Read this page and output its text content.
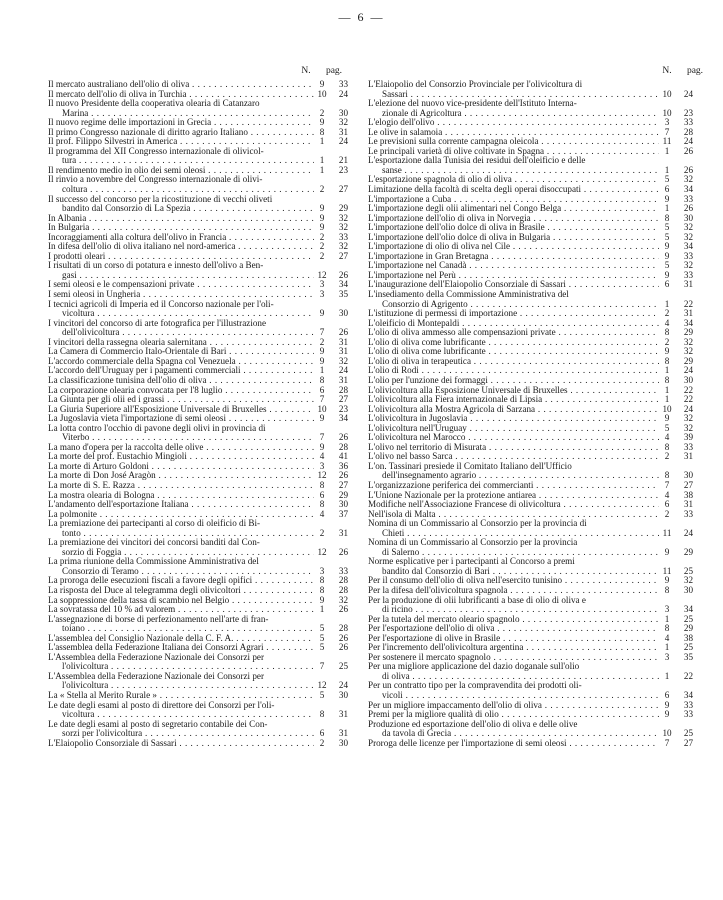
— 6 —
N.	pag.
Il mercato australiano dell'olio di oliva . . .	9	33
Il mercato dell'olio di oliva in Turchia . . .	10	24
Il nuovo Presidente della cooperativa olearia di Catanzaro
Marina . . .	2	30
Il nuovo regime delle importazioni in Grecia . . .	9	32
Il primo Congresso nazionale di diritto agrario Italiano . . .	8	31
Il prof. Filippo Silvestri in America . . .	1	24
Il programma del XII Congresso internazionale di olivicol-
tura . . .	1	21
Il rendimento medio in olio dei semi oleosi . . .	1	23
Il rinvio a novembre del Congresso internazionale di olivi-
coltura . . .	2	27
Il successo del concorso per la ricostituzione di vecchi oliveti
bandito dal Consorzio di La Spezia . . .	9	29
In Albania . . .	9	32
In Bulgaria . . .	9	32
Incoraggiamenti alla coltura dell'olivo in Francia . . .	2	33
In difesa dell'olio di oliva italiano nel nord-america . . .	2	32
I prodotti oleari . . .	2	27
I risultati di un corso di potatura e innesto dell'olivo a Ben-
gasi . . .	12	26
I semi oleosi e le compensazioni private . . .	3	34
I semi oleosi in Ungheria . . .	3	35
I tecnici agricoli di Imperia ed il Concorso nazionale per l'oli-
vicoltura . . .	9	30
I vincitori del concorso di arte fotografica per l'illustrazione
dell'olivicoltura . . .	7	26
I vincitori della rassegna olearia salernitana . . .	2	31
La Camera di Commercio Italo-Orientale di Bari . . .	9	31
L'accordo commerciale della Spagna col Venezuela . . .	9	32
L'accordo dell'Uruguay per i pagamenti commerciali . . .	1	24
La classificazione tunisina dell'olio di oliva . . .	8	31
La corporazione olearia convocata per l'8 luglio . . .	6	28
La Giunta per gli olii ed i grassi . . .	7	27
La Giuria Superiore all'Esposizione Universale di Bruxelles . . .	10	23
La Jugoslavia vieta l'importazione di semi oleosi . . .	9	34
La lotta contro l'occhio di pavone degli olivi in provincia di
Viterbo . . .	7	26
La mano d'opera per la raccolta delle olive . . .	9	28
La morte del prof. Eustachio Mingioli . . .	4	41
La morte di Arturo Goldoni . . .	3	36
La morte di Don José Aragòn . . .	12	26
La morte di S. E. Razza . . .	8	27
La mostra olearia di Bologna . . .	6	29
L'andamento dell'esportazione Italiana . . .	8	30
La polmonite . . .	4	37
La premiazione dei partecipanti al corso di oleificio di Bi-
tonto . . .	2	31
La premiazione dei vincitori dei concorsi banditi dal Con-
sorzio di Foggia . . .	12	26
La prima riunione della Commissione Amministrativa del
Consorzio di Teramo . . .	3	33
La proroga delle esecuzioni fiscali a favore degli opifici . . .	8	28
La risposta del Duce al telegramma degli olivicoltori . . .	8	28
La soppressione della tassa di scambio nel Belgio . . .	9	32
La sovratassa del 10 % ad valorem . . .	1	26
L'assegnazione di borse di perfezionamento nell'arte di fran-
toiano . . .	5	28
L'assemblea del Consiglio Nazionale della C. F. A. . . .	5	26
L'assemblea della Federazione Italiana dei Consorzi Agrari . . .	5	26
L'Assemblea della Federazione Nazionale dei Consorzi per
l'olivicoltura . . .	7	25
L'Assemblea della Federazione Nazionale dei Consorzi per
l'olivicoltura . . .	12	24
La « Stella al Merito Rurale » . . .	5	30
Le date degli esami al posto di direttore dei Consorzi per l'oli-
vicoltura . . .	8	31
Le date degli esami al posto di segretario contabile dei Con-
sorzi per l'olivicoltura . . .	6	31
L'Elaiopolio Consorziale di Sassari . . .	2	30
N.	pag.
L'Elaiopolio del Consorzio Provinciale per l'olivicoltura di
Sassari . . .	10	24
L'elezione del nuovo vice-presidente dell'Istituto Interna-
zionale di Agricoltura . . .	10	23
L'elogio dell'olivo . . .	3	33
Le olive in salamoia . . .	7	28
Le previsioni sulla corrente campagna oleicola . . .	11	24
Le principali varietà di olive coltivate in Spagna . . .	1	26
L'esportazione dalla Tunisia dei residui dell'oleificio e delle
sanse . . .	1	26
L'esportazione spagnola di olio di oliva . . .	5	32
Limitazione della facoltà di scelta degli operai disoccupati . . .	6	34
L'importazione a Cuba . . .	9	33
L'importazione degli olii alimentari nel Congo Belga . . .	1	26
L'importazione dell'olio di oliva in Norvegia . . .	8	30
L'importazione dell'olio dolce di oliva in Brasile . . .	5	32
L'importazione dell'olio dolce di oliva in Bulgaria . . .	5	32
L'importazione di olio di oliva nel Cile . . .	9	34
L'importazione in Gran Bretagna . . .	9	33
L'importazione nel Canadà . . .	5	32
L'importazione nel Perù . . .	9	33
L'inaugurazione dell'Elaiopolio Consorziale di Sassari . . .	6	31
L'insediamento della Commissione Amministrativa del
Consorzio di Agrigento . . .	1	22
L'istituzione di permessi di importazione . . .	2	31
L'oleificio di Montepaldi . . .	4	34
L'olio di oliva ammesso alle compensazioni private . . .	8	29
L'olio di oliva come lubrificante . . .	2	32
L'olio di oliva come lubrificante . . .	9	32
L'olio di oliva in terapeutica . . .	8	29
L'olio di Rodi . . .	1	24
L'olio per l'unzione dei formaggi . . .	8	30
L'olivicoltura alla Esposizione Universale di Bruxelles . . .	1	22
L'olivicoltura alla Fiera internazionale di Lipsia . . .	1	22
L'olivicoltura alla Mostra Agricola di Sarzana . . .	10	24
L'olivicoltura in Jugoslavia . . .	9	32
L'olivicoltura nell'Uruguay . . .	5	32
L'olivicoltura nel Marocco . . .	4	39
L'olivo nel territorio di Misurata . . .	8	33
L'olivo nel basso Sarca . . .	2	31
L'on. Tassinari presiede il Comitato Italiano dell'Ufficio
dell'insegnamento agrario . . .	8	30
L'organizzazione periferica dei commercianti . . .	7	27
L'Unione Nazionale per la protezione antiarea . . .	4	38
Modifiche nell'Associazione Francese di olivicoltura . . .	6	31
Nell'isola di Malta . . .	2	33
Nomina di un Commissario al Consorzio per la provincia di
Chieti . . .	11	24
Nomina di un Commissario al Consorzio per la provincia
di Salerno . . .	9	29
Norme esplicative per i partecipanti al Concorso a premi
bandito dal Consorzio di Bari . . .	11	25
Per il consumo dell'olio di oliva nell'esercito tunisino . . .	9	32
Per la difesa dell'olivicoltura spagnola . . .	8	30
Per la produzione di olii lubrificanti a base di olio di oliva e
di ricino . . .	3	34
Per la tutela del mercato oleario spagnolo . . .	1	25
Per l'esportazione dell'olio di oliva . . .	8	29
Per l'esportazione di olive in Brasile . . .	4	38
Per l'incremento dell'olivicoltura argentina . . .	1	25
Per sostenere il mercato spagnolo . . .	3	35
Per una migliore applicazione del dazio doganale sull'olio
di oliva . . .	1	22
Per un contratto tipo per la compravendita dei prodotti oli-
vicoli . . .	6	34
Per un migliore impaccamento dell'olio di oliva . . .	9	33
Premi per la migliore qualità di olio . . .	9	33
Produzione ed esportazione dell'olio di oliva e delle olive
da tavola di Grecia . . .	10	25
Proroga delle licenze per l'importazione di semi oleosi . . .	7	27
